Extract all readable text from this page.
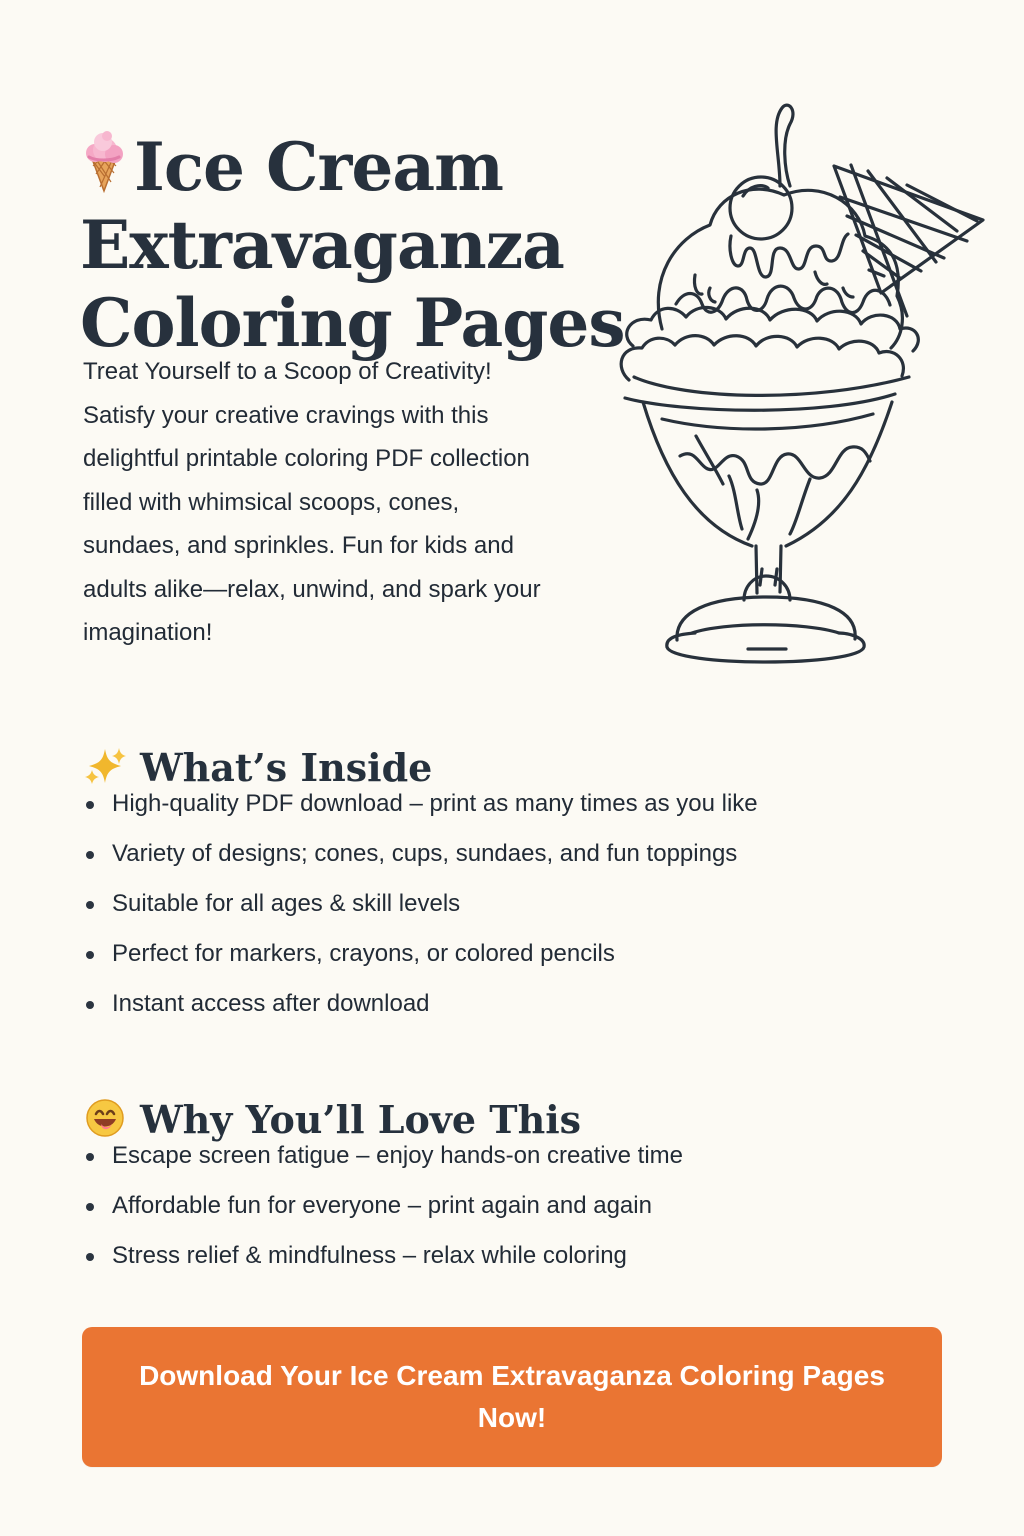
Ice Cream
Extravaganza
Coloring Pages
Treat Yourself to a Scoop of Creativity!
Satisfy your creative cravings with this
delightful printable coloring PDF collection
filled with whimsical scoops, cones,
sundaes, and sprinkles. Fun for kids and
adults alike—relax, unwind, and spark your
imagination!
What’s Inside
High-quality PDF download – print as many times as you like
Variety of designs; cones, cups, sundaes, and fun toppings
Suitable for all ages & skill levels
Perfect for markers, crayons, or colored pencils
Instant access after download
Why You’ll Love This
Escape screen fatigue – enjoy hands-on creative time
Affordable fun for everyone – print again and again
Stress relief & mindfulness – relax while coloring
Download Your Ice Cream Extravaganza Coloring Pages
Now!
